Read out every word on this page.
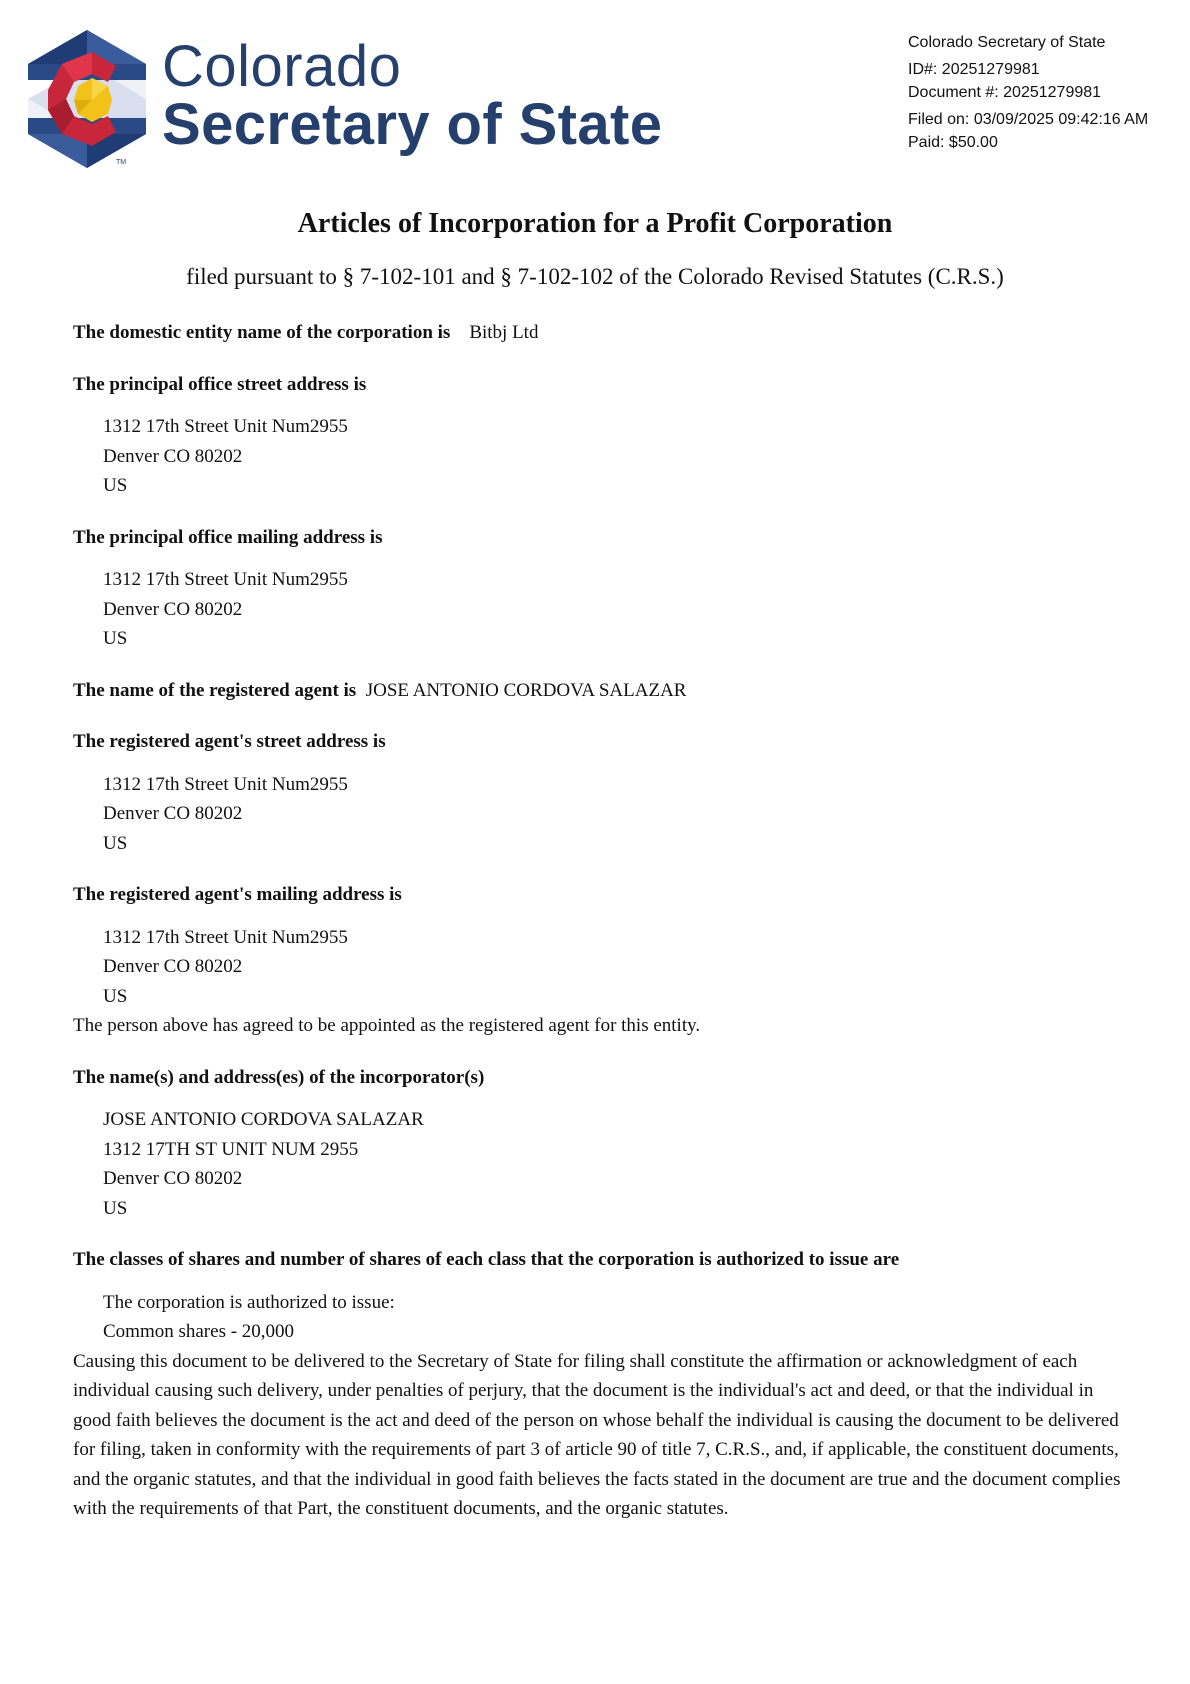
TM

Colorado

Secretary of State

Colorado Secretary of State
ID#: 20251279981
Document #: 20251279981
Filed on: 03/09/2025 09:42:16 AM
Paid: $50.00
Articles of Incorporation for a Profit Corporation

filed pursuant to § 7-102-101 and § 7-102-102 of the Colorado Revised Statutes (C.R.S.)

The domestic entity name of the corporation is Bitbj Ltd

The principal office street address is

1312 17th Street Unit Num2955
Denver CO 80202
US

The principal office mailing address is

1312 17th Street Unit Num2955
Denver CO 80202
US

The name of the registered agent is JOSE ANTONIO CORDOVA SALAZAR

The registered agent's street address is

1312 17th Street Unit Num2955
Denver CO 80202
US

The registered agent's mailing address is

1312 17th Street Unit Num2955
Denver CO 80202
US

The person above has agreed to be appointed as the registered agent for this entity.

The name(s) and address(es) of the incorporator(s)

JOSE ANTONIO CORDOVA SALAZAR
1312 17TH ST UNIT NUM 2955
Denver CO 80202
US

The classes of shares and number of shares of each class that the corporation is authorized to issue are

The corporation is authorized to issue:
Common shares - 20,000

Causing this document to be delivered to the Secretary of State for filing shall constitute the affirmation or acknowledgment of each individual causing such delivery, under penalties of perjury, that the document is the individual's act and deed, or that the individual in good faith believes the document is the act and deed of the person on whose behalf the individual is causing the document to be delivered for filing, taken in conformity with the requirements of part 3 of article 90 of title 7, C.R.S., and, if applicable, the constituent documents, and the organic statutes, and that the individual in good faith believes the facts stated in the document are true and the document complies with the requirements of that Part, the constituent documents, and the organic statutes.
